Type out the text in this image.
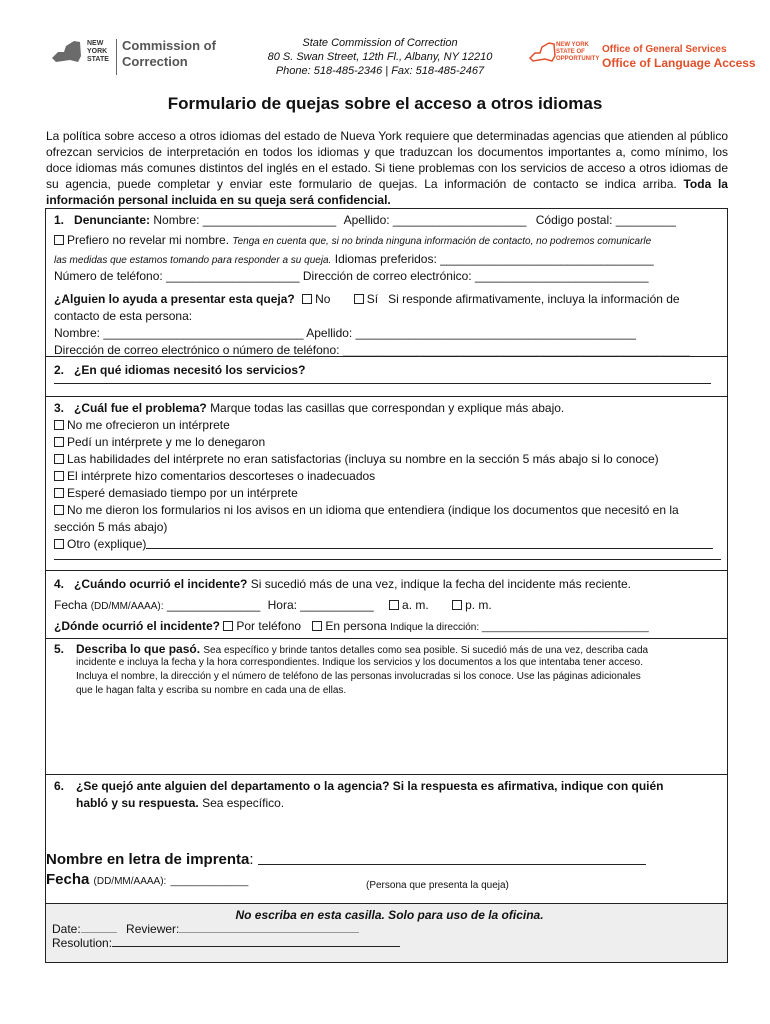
NEW YORK STATE
Commission of
Correction
State Commission of Correction
80 S. Swan Street, 12th Fl., Albany, NY 12210
Phone: 518-485-2346 | Fax: 518-485-2467
NEW YORK STATE OF OPPORTUNITY
Office of General Services
Office of Language Access
Formulario de quejas sobre el acceso a otros idiomas
La política sobre acceso a otros idiomas del estado de Nueva York requiere que determinadas agencias que atienden al público ofrezcan servicios de interpretación en todos los idiomas y que traduzcan los documentos importantes a, como mínimo, los doce idiomas más comunes distintos del inglés en el estado. Si tiene problemas con los servicios de acceso a otros idiomas de su agencia, puede completar y enviar este formulario de quejas. La información de contacto se indica arriba. Toda la información personal incluida en su queja será confidencial.
1. Denunciante: Nombre: ____________________ Apellido: ____________________ Código postal: _________
Prefiero no revelar mi nombre. Tenga en cuenta que, si no brinda ninguna información de contacto, no podremos comunicarle
las medidas que estamos tomando para responder a su queja. Idiomas preferidos: ________________________________
Número de teléfono: ____________________ Dirección de correo electrónico: __________________________
¿Alguien lo ayuda a presentar esta queja? No	Sí Si responde afirmativamente, incluya la información de
contacto de esta persona:
Nombre: ______________________________ Apellido: __________________________________________
Dirección de correo electrónico o número de teléfono: ____________________________________________________
2. ¿En qué idiomas necesitó los servicios?
3. ¿Cuál fue el problema? Marque todas las casillas que correspondan y explique más abajo.
No me ofrecieron un intérprete
Pedí un intérprete y me lo denegaron
Las habilidades del intérprete no eran satisfactorias (incluya su nombre en la sección 5 más abajo si lo conoce)
El intérprete hizo comentarios descorteses o inadecuados
Esperé demasiado tiempo por un intérprete
No me dieron los formularios ni los avisos en un idioma que entendiera (indique los documentos que necesitó en la
sección 5 más abajo)
Otro (explique)
4. ¿Cuándo ocurrió el incidente? Si sucedió más de una vez, indique la fecha del incidente más reciente.
Fecha (DD/MM/AAAA): ______________ Hora: ___________ a. m.	p. m.
¿Dónde ocurrió el incidente? Por teléfono En persona Indique la dirección: ______________________________
5. Describa lo que pasó. Sea específico y brinde tantos detalles como sea posible. Si sucedió más de una vez, describa cada
incidente e incluya la fecha y la hora correspondientes. Indique los servicios y los documentos a los que intentaba tener acceso.
Incluya el nombre, la dirección y el número de teléfono de las personas involucradas si los conoce. Use las páginas adicionales
que le hagan falta y escriba su nombre en cada una de ellas.
6. ¿Se quejó ante alguien del departamento o la agencia? Si la respuesta es afirmativa, indique con quién
habló y su respuesta. Sea específico.
Nombre en letra de imprenta :
Fecha (DD/MM/AAAA): ______________	(Persona que presenta la queja)
No escriba en esta casilla. Solo para uso de la oficina.
Date:	Reviewer:
Resolution:
